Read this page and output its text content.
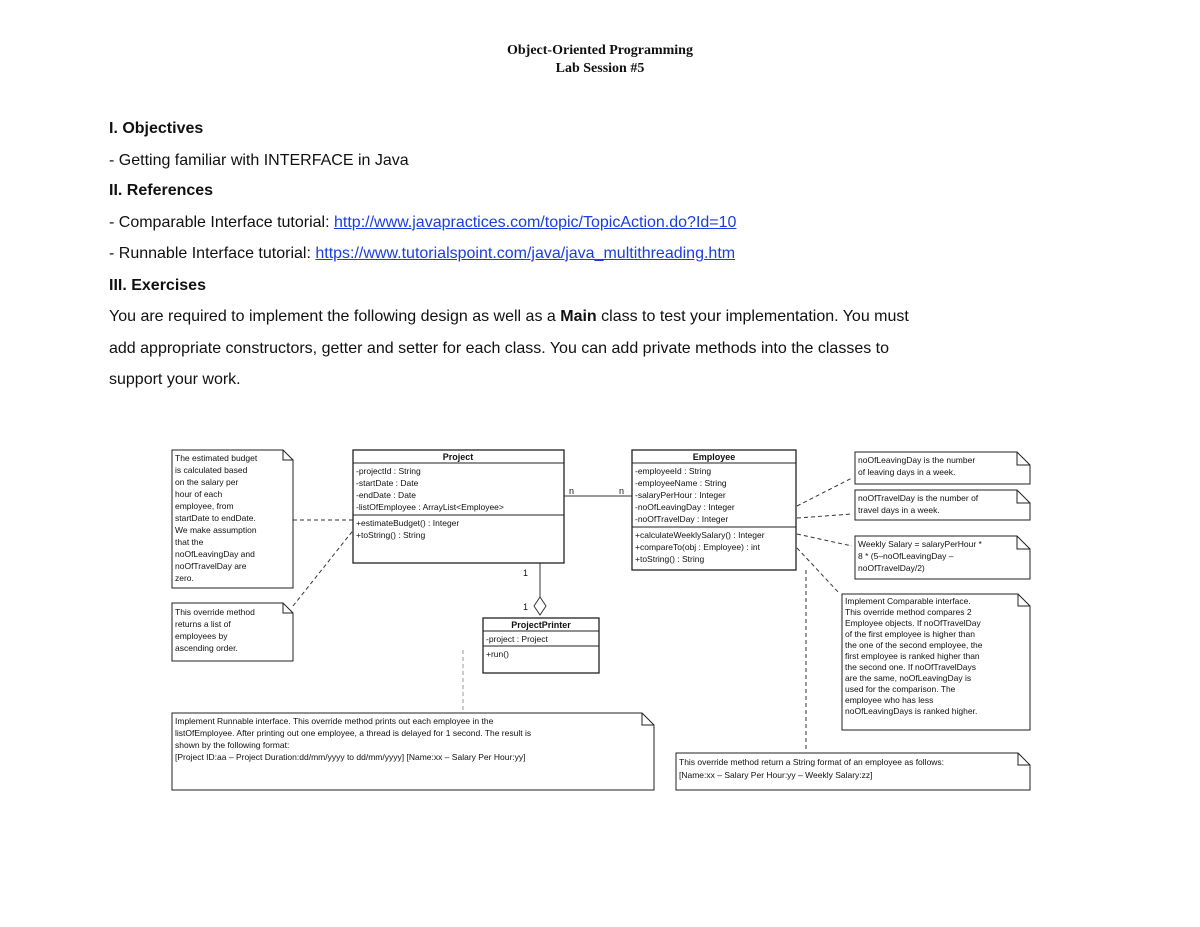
Object-Oriented Programming
Lab Session #5
I. Objectives
- Getting familiar with INTERFACE in Java
II. References
- Comparable Interface tutorial: http://www.javapractices.com/topic/TopicAction.do?Id=10
- Runnable Interface tutorial: https://www.tutorialspoint.com/java/java_multithreading.htm
III. Exercises
You are required to implement the following design as well as a Main class to test your implementation. You must
add appropriate constructors, getter and setter for each class. You can add private methods into the classes to
support your work.
Project
-projectId : String
-startDate : Date
-endDate : Date
-listOfEmployee : ArrayList<Employee>
+estimateBudget() : Integer
+toString() : String
Employee
-employeeId : String
-employeeName : String
-salaryPerHour : Integer
-noOfLeavingDay : Integer
-noOfTravelDay : Integer
+calculateWeeklySalary() : Integer
+compareTo(obj : Employee) : int
+toString() : String
ProjectPrinter
-project : Project
+run()
n	n
1
1
The estimated budget
is calculated based
on the salary per
hour of each
employee, from
startDate to endDate.
We make assumption
that the
noOfLeavingDay and
noOfTravelDay are
zero.
This override method
returns a list of
employees by
ascending order.
Implement Runnable interface. This override method prints out each employee in the
listOfEmployee. After printing out one employee, a thread is delayed for 1 second. The result is
shown by the following format:
[Project ID:aa – Project Duration:dd/mm/yyyy to dd/mm/yyyy] [Name:xx – Salary Per Hour:yy]
noOfLeavingDay is the number
of leaving days in a week.
noOfTravelDay is the number of
travel days in a week.
Weekly Salary = salaryPerHour *
8 * (5–noOfLeavingDay –
noOfTravelDay/2)
Implement Comparable interface.
This override method compares 2
Employee objects. If noOfTravelDay
of the first employee is higher than
the one of the second employee, the
first employee is ranked higher than
the second one. If noOfTravelDays
are the same, noOfLeavingDay is
used for the comparison. The
employee who has less
noOfLeavingDays is ranked higher.
This override method return a String format of an employee as follows:
[Name:xx – Salary Per Hour:yy – Weekly Salary:zz]
